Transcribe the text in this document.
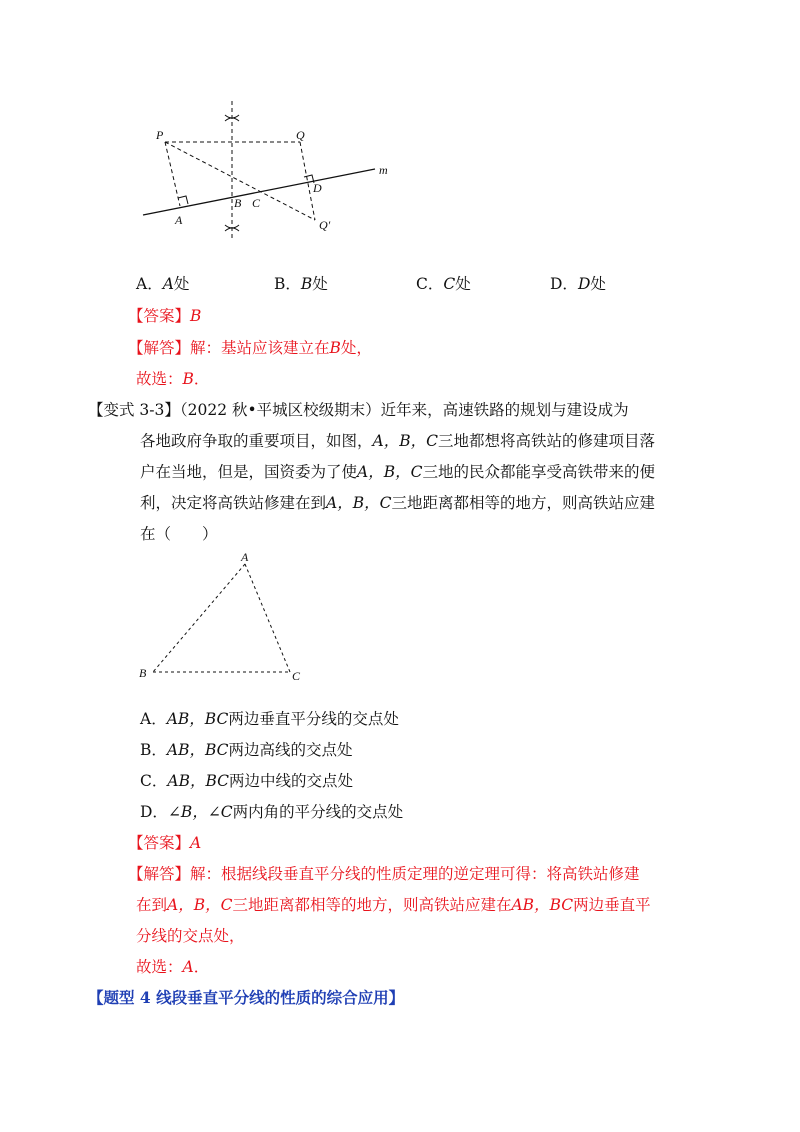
P	Q
A
B C
D
Q′
m
A．A处	B．B处	C．C处	D．D处
【答案】B
【解答】解：基站应该建立在B处，
故选：B．
【变式 3-3】（2022 秋•平城区校级期末）近年来，高速铁路的规划与建设成为
各地政府争取的重要项目，如图，A，B，C三地都想将高铁站的修建项目落
户在当地，但是，国资委为了使A，B，C三地的民众都能享受高铁带来的便
利，决定将高铁站修建在到A，B，C三地距离都相等的地方，则高铁站应建
在（　　）
A
B	C
A．AB，BC两边垂直平分线的交点处
B．AB，BC两边高线的交点处
C．AB，BC两边中线的交点处
D．∠B，∠C两内角的平分线的交点处
【答案】A
【解答】解：根据线段垂直平分线的性质定理的逆定理可得：将高铁站修建
在到A，B，C三地距离都相等的地方，则高铁站应建在AB，BC两边垂直平
分线的交点处，
故选：A．
【题型 4 线段垂直平分线的性质的综合应用】
